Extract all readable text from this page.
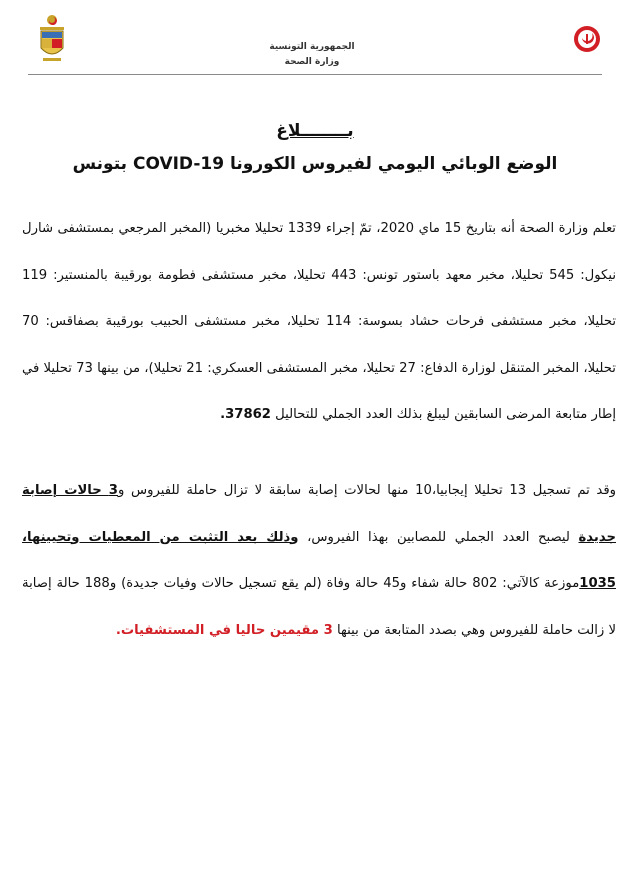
الجمهورية التونسية
وزارة الصحة
بــــــــلاغ
الوضع الوبائي اليومي لفيروس الكورونا COVID-19 بتونس
تعلم وزارة الصحة أنه بتاريخ 15 ماي 2020، تمّ إجراء 1339 تحليلا مخبريا (المخبر المرجعي بمستشفى شارل نيكول: 545 تحليلا، مخبر معهد باستور تونس: 443 تحليلا، مخبر مستشفى فطومة بورقيبة بالمنستير: 119 تحليلا، مخبر مستشفى فرحات حشاد بسوسة: 114 تحليلا، مخبر مستشفى الحبيب بورقيبة بصفاقس: 70 تحليلا، المخبر المتنقل لوزارة الدفاع: 27 تحليلا، مخبر المستشفى العسكري: 21 تحليلا)، من بينها 73 تحليلا في إطار متابعة المرضى السابقين ليبلغ بذلك العدد الجملي للتحاليل 37862.
وقد تم تسجيل 13 تحليلا إيجابيا،10 منها لحالات إصابة سابقة لا تزال حاملة للفيروس و3 حالات إصابة جديدة ليصبح العدد الجملي للمصابين بهذا الفيروس، وذلك بعد التثبت من المعطيات وتحيينها، 1035موزعة كالآتي: 802 حالة شفاء و45 حالة وفاة (لم يقع تسجيل حالات وفيات جديدة) و188 حالة إصابة لا زالت حاملة للفيروس وهي بصدد المتابعة من بينها 3 مقيمين حاليا في المستشفيات.
